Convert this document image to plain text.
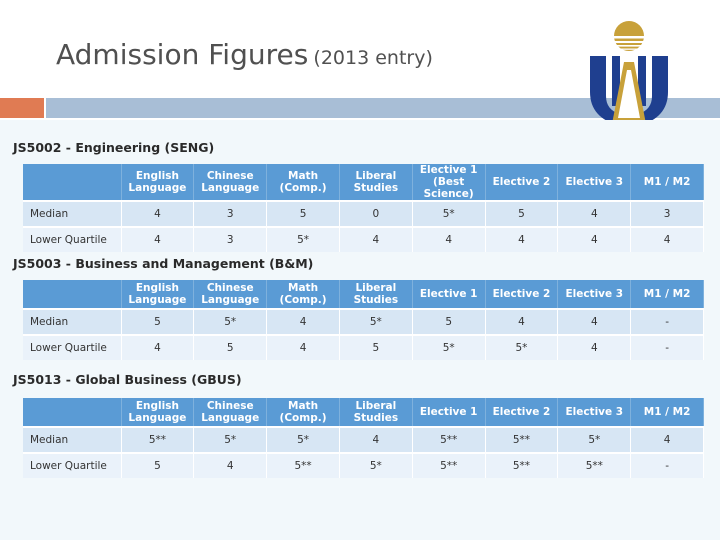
Admission Figures (2013 entry)
JS5002 - Engineering (SENG)

	English
Language	Chinese
Language	Math
(Comp.)	Liberal
Studies	Elective 1
(Best Science)	Elective 2	Elective 3	M1 / M2

Median	4	3	5	0	5*	5	4	3
Lower Quartile	4	3	5*	4	4	4	4	4
JS5003 - Business and Management (B&M)

	English
Language	Chinese
Language	Math
(Comp.)	Liberal
Studies	Elective 1	Elective 2	Elective 3	M1 / M2

Median	5	5*	4	5*	5	4	4	-
Lower Quartile	4	5	4	5	5*	5*	4	-
JS5013 - Global Business (GBUS)

	English
Language	Chinese
Language	Math
(Comp.)	Liberal
Studies	Elective 1	Elective 2	Elective 3	M1 / M2

Median	5**	5*	5*	4	5**	5**	5*	4
Lower Quartile	5	4	5**	5*	5**	5**	5**	-
